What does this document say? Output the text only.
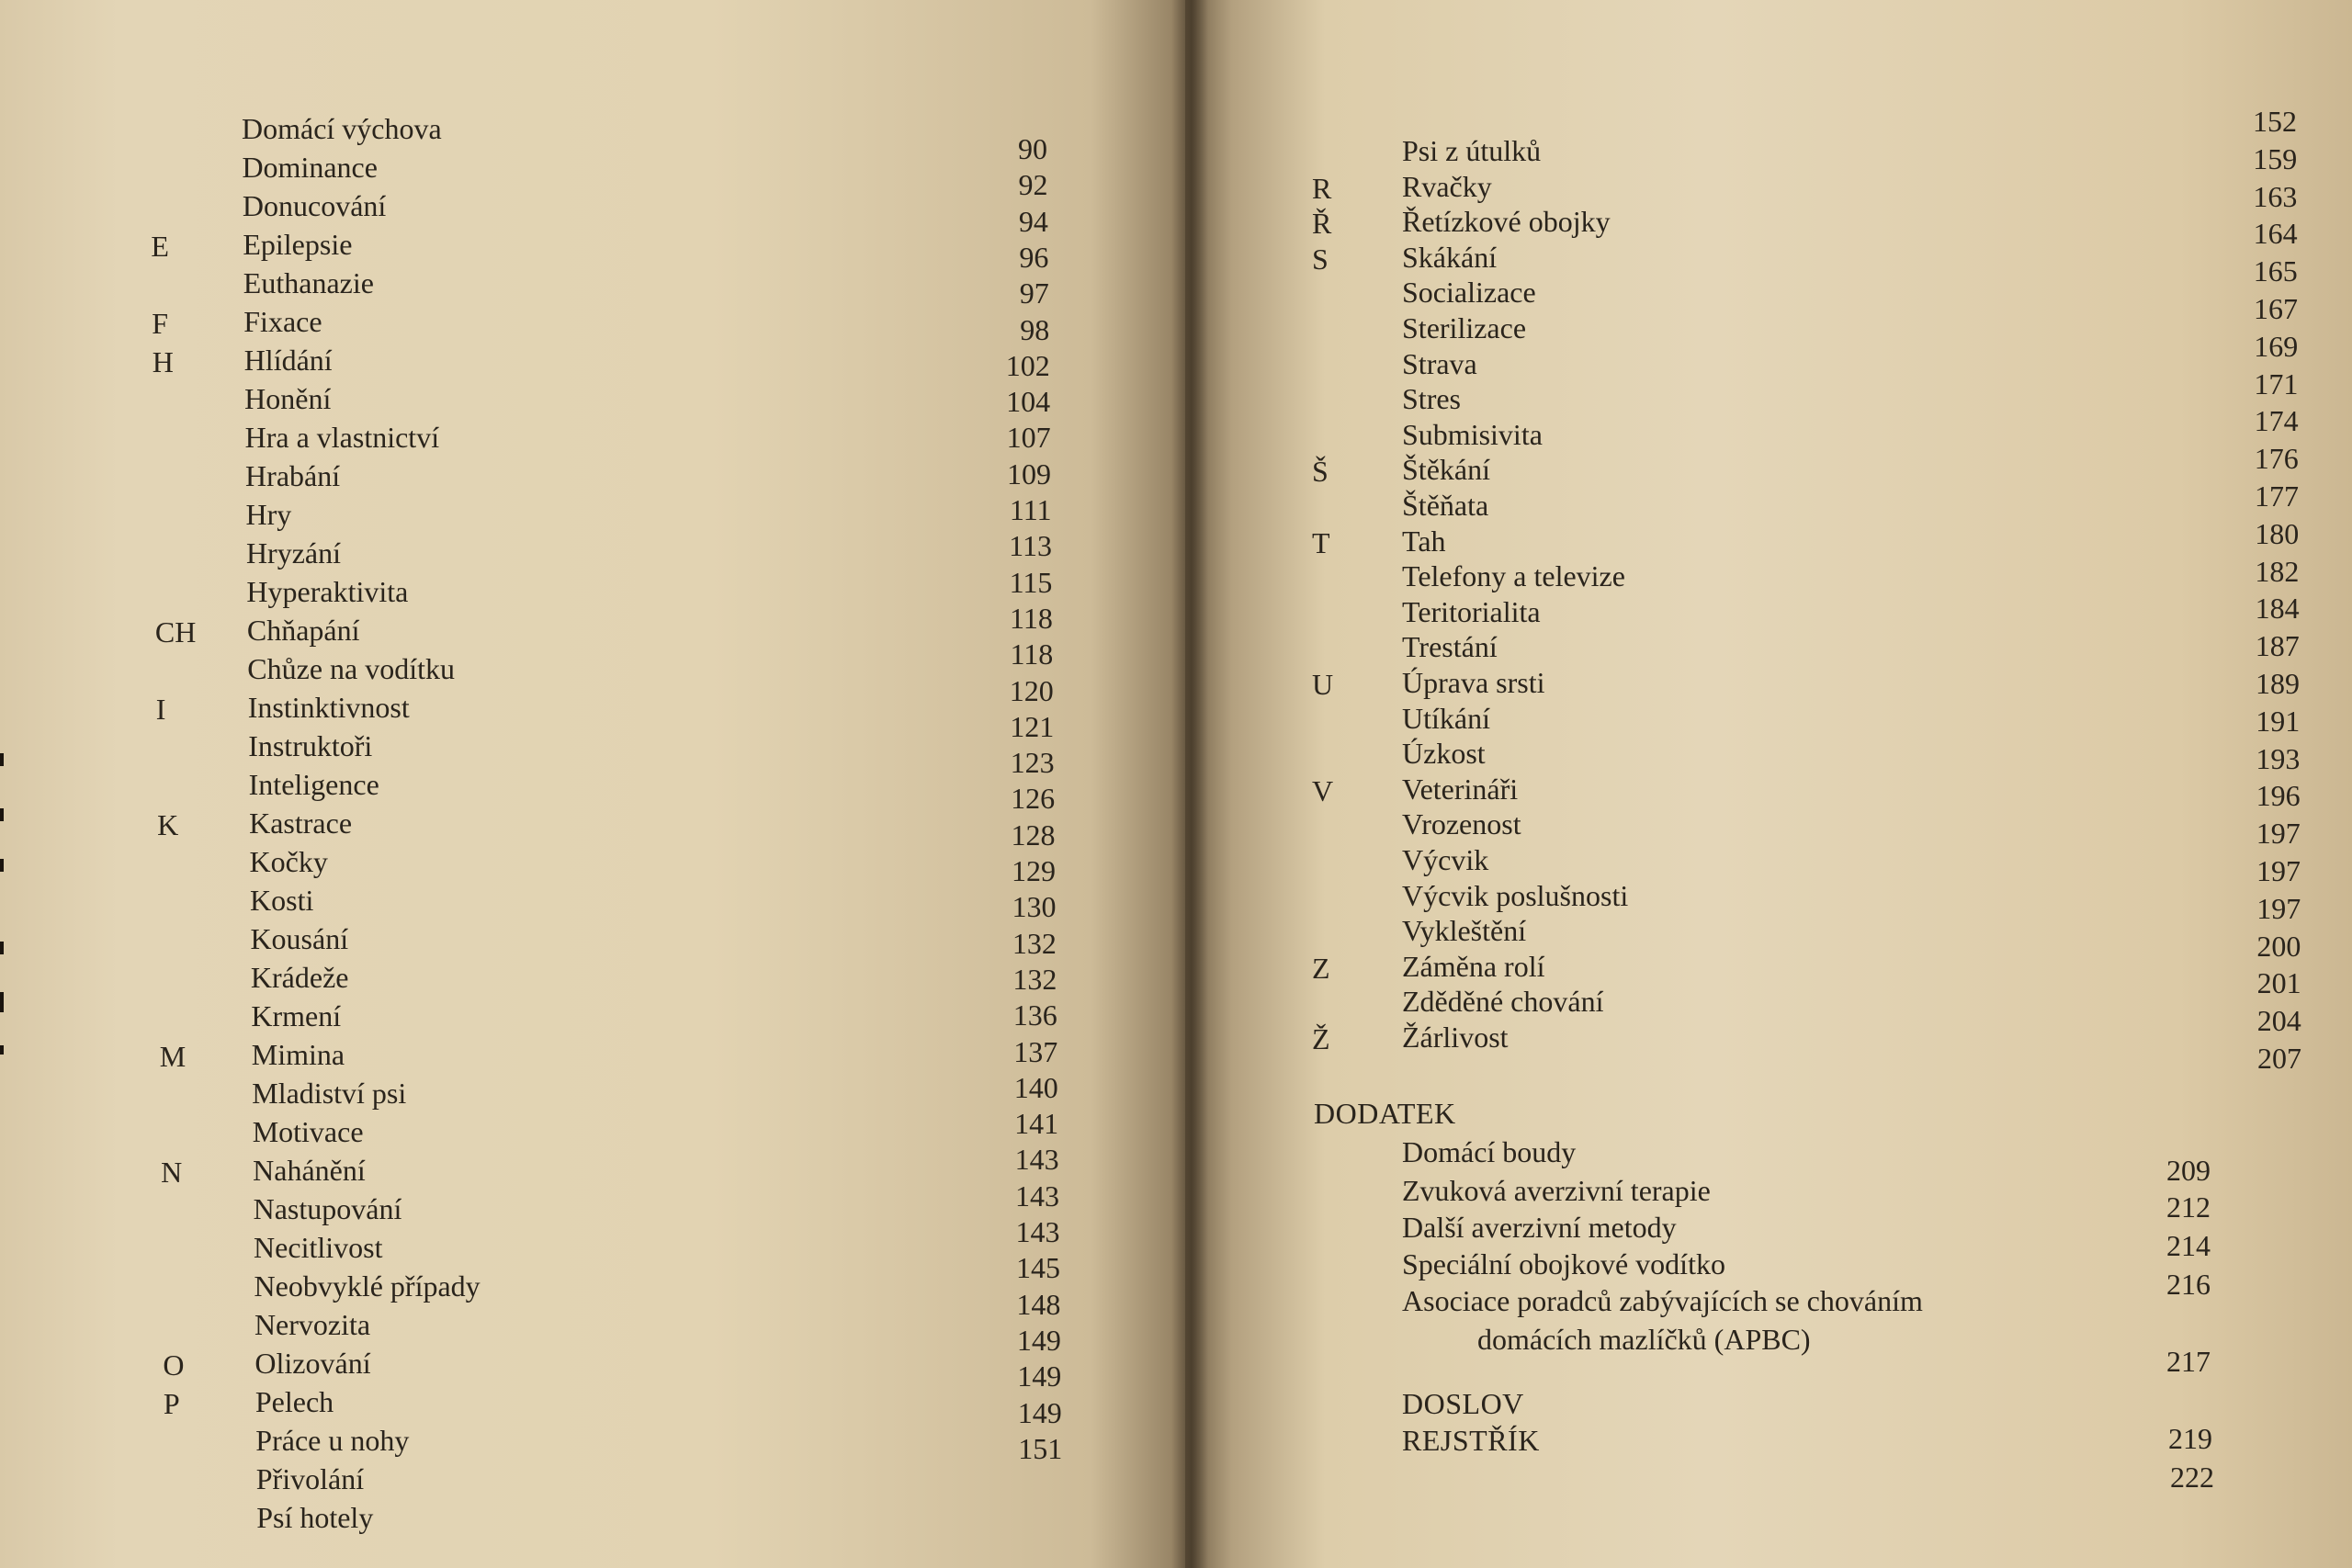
Domácí výchova
Dominance
Donucování
Epilepsie
E
Euthanazie
Fixace
F
Hlídání
H
Honění
Hra a vlastnictví
Hrabání
Hry
Hryzání
Hyperaktivita
Chňapání
CH
Chůze na vodítku
Instinktivnost
I
Instruktoři
Inteligence
Kastrace
K
Kočky
Kosti
Kousání
Krádeže
Krmení
Mimina
M
Mladiství psi
Motivace
Nahánění
N
Nastupování
Necitlivost
Neobvyklé případy
Nervozita
Olizování
O
Pelech
P
Práce u nohy
Přivolání
Psí hotely
90
92
94
96
97
98
102
104
107
109
111
113
115
118
118
120
121
123
126
128
129
130
132
132
136
137
140
141
143
143
143
145
148
149
149
149
151
Psi z útulků
Rvačky
R
Řetízkové obojky
Ř
Skákání
S
Socializace
Sterilizace
Strava
Stres
Submisivita
Štěkání
Š
Štěňata
Tah
T
Telefony a televize
Teritorialita
Trestání
Úprava srsti
U
Utíkání
Úzkost
Veterináři
V
Vrozenost
Výcvik
Výcvik poslušnosti
Vykleštění
Záměna rolí
Z
Zděděné chování
Žárlivost
Ž
152
159
163
164
165
167
169
171
174
176
177
180
182
184
187
189
191
193
196
197
197
197
200
201
204
207
DODATEK
Domácí boudy
Zvuková averzivní terapie
Další averzivní metody
Speciální obojkové vodítko
Asociace poradců zabývajících se chováním
domácích mazlíčků (APBC)
209
212
214
216
217
DOSLOV
REJSTŘÍK	219
222
